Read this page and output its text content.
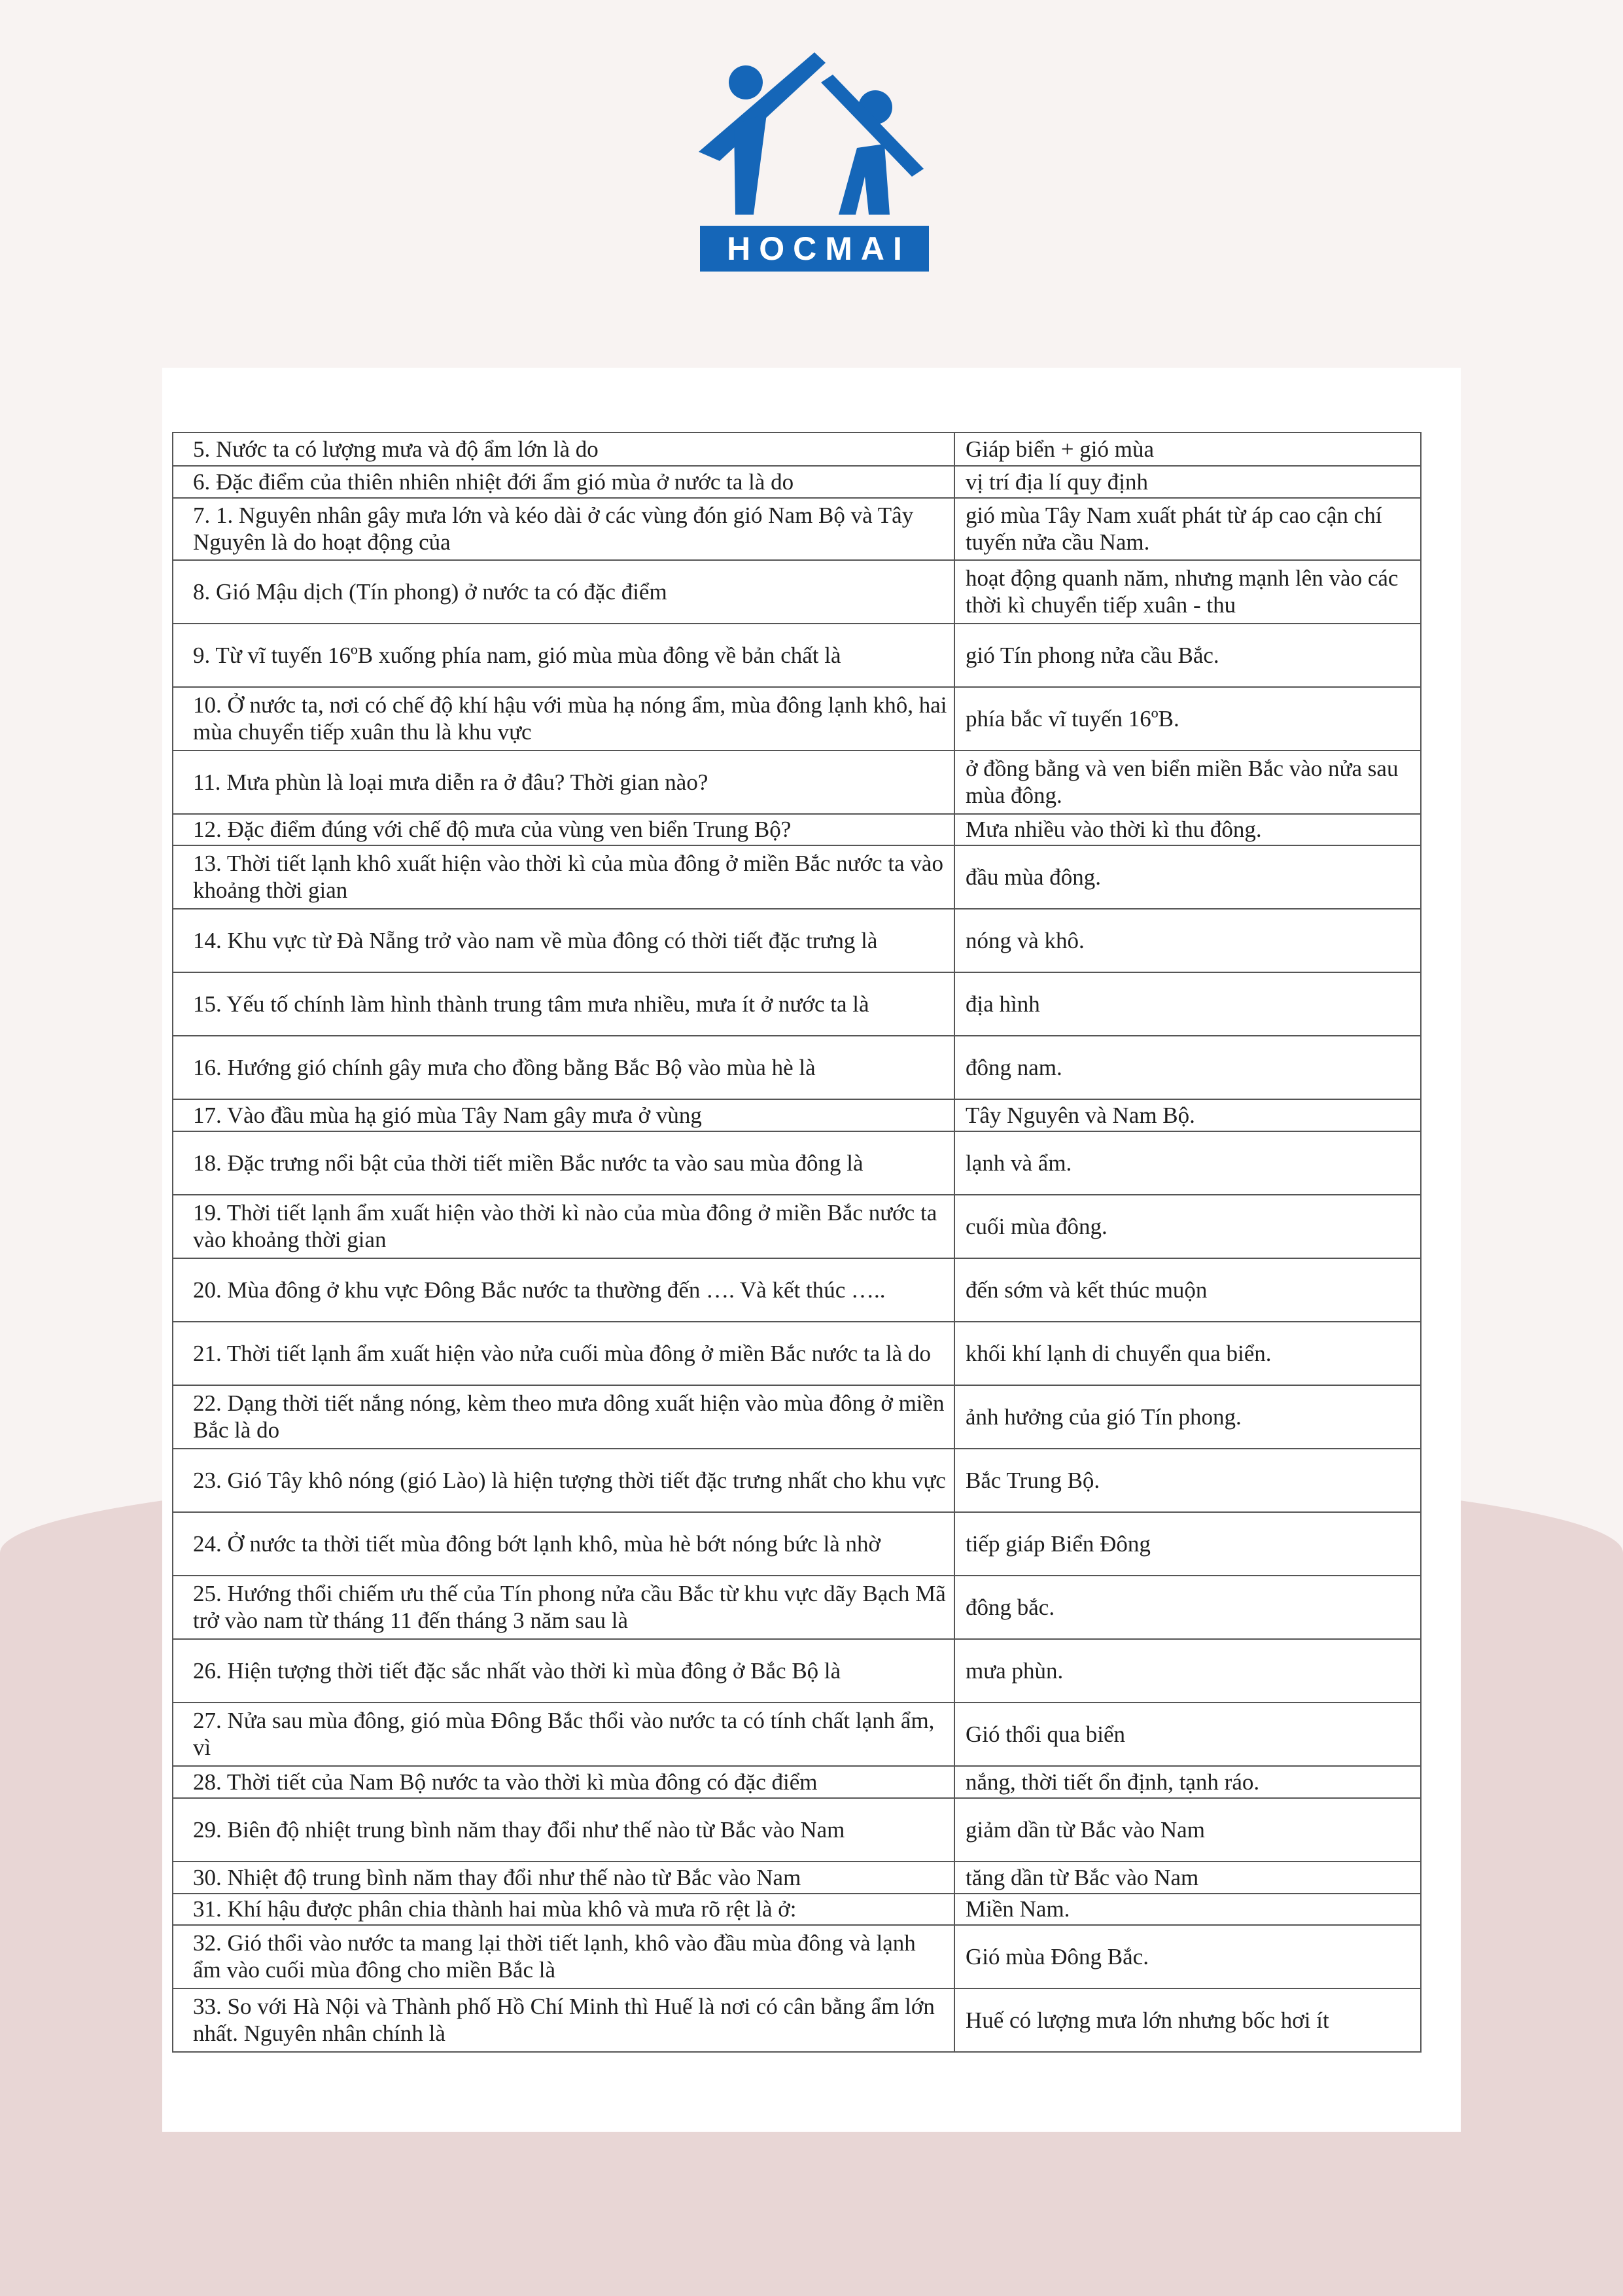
HOCMAI
5. Nước ta có lượng mưa và độ ẩm lớn là do	Giáp biển + gió mùa
6. Đặc điểm của thiên nhiên nhiệt đới ẩm gió mùa ở nước ta là do	vị trí địa lí quy định
7. 1. Nguyên nhân gây mưa lớn và kéo dài ở các vùng đón gió Nam Bộ và Tây Nguyên là do hoạt động của	gió mùa Tây Nam xuất phát từ áp cao cận chí tuyến nửa cầu Nam.
8. Gió Mậu dịch (Tín phong) ở nước ta có đặc điểm	hoạt động quanh năm, nhưng mạnh lên vào các thời kì chuyển tiếp xuân - thu
9. Từ vĩ tuyến 16ºB xuống phía nam, gió mùa mùa đông về bản chất là	gió Tín phong nửa cầu Bắc.
10. Ở nước ta, nơi có chế độ khí hậu với mùa hạ nóng ẩm, mùa đông lạnh khô, hai mùa chuyển tiếp xuân thu là khu vực	phía bắc vĩ tuyến 16ºB.
11. Mưa phùn là loại mưa diễn ra ở đâu? Thời gian nào?	ở đồng bằng và ven biển miền Bắc vào nửa sau mùa đông.
12. Đặc điểm đúng với chế độ mưa của vùng ven biển Trung Bộ?	Mưa nhiều vào thời kì thu đông.
13. Thời tiết lạnh khô xuất hiện vào thời kì của mùa đông ở miền Bắc nước ta vào khoảng thời gian	đầu mùa đông.
14. Khu vực từ Đà Nẵng trở vào nam về mùa đông có thời tiết đặc trưng là	nóng và khô.
15. Yếu tố chính làm hình thành trung tâm mưa nhiều, mưa ít ở nước ta là	địa hình
16. Hướng gió chính gây mưa cho đồng bằng Bắc Bộ vào mùa hè là	đông nam.
17. Vào đầu mùa hạ gió mùa Tây Nam gây mưa ở vùng	Tây Nguyên và Nam Bộ.
18. Đặc trưng nổi bật của thời tiết miền Bắc nước ta vào sau mùa đông là	lạnh và ẩm.
19. Thời tiết lạnh ẩm xuất hiện vào thời kì nào của mùa đông ở miền Bắc nước ta vào khoảng thời gian	cuối mùa đông.
20. Mùa đông ở khu vực Đông Bắc nước ta thường đến …. Và kết thúc …..	đến sớm và kết thúc muộn
21. Thời tiết lạnh ẩm xuất hiện vào nửa cuối mùa đông ở miền Bắc nước ta là do	khối khí lạnh di chuyển qua biển.
22. Dạng thời tiết nắng nóng, kèm theo mưa dông xuất hiện vào mùa đông ở miền Bắc là do	ảnh hưởng của gió Tín phong.
23. Gió Tây khô nóng (gió Lào) là hiện tượng thời tiết đặc trưng nhất cho khu vực	Bắc Trung Bộ.
24. Ở nước ta thời tiết mùa đông bớt lạnh khô, mùa hè bớt nóng bức là nhờ	tiếp giáp Biển Đông
25. Hướng thổi chiếm ưu thế của Tín phong nửa cầu Bắc từ khu vực dãy Bạch Mã trở vào nam từ tháng 11 đến tháng 3 năm sau là	đông bắc.
26. Hiện tượng thời tiết đặc sắc nhất vào thời kì mùa đông ở Bắc Bộ là	mưa phùn.
27. Nửa sau mùa đông, gió mùa Đông Bắc thổi vào nước ta có tính chất lạnh ẩm, vì	Gió thổi qua biển
28. Thời tiết của Nam Bộ nước ta vào thời kì mùa đông có đặc điểm	nắng, thời tiết ổn định, tạnh ráo.
29. Biên độ nhiệt trung bình năm thay đổi như thế nào từ Bắc vào Nam	giảm dần từ Bắc vào Nam
30. Nhiệt độ trung bình năm thay đổi như thế nào từ Bắc vào Nam	tăng dần từ Bắc vào Nam
31. Khí hậu được phân chia thành hai mùa khô và mưa rõ rệt là ở:	Miền Nam.
32. Gió thổi vào nước ta mang lại thời tiết lạnh, khô vào đầu mùa đông và lạnh ẩm vào cuối mùa đông cho miền Bắc là	Gió mùa Đông Bắc.
33. So với Hà Nội và Thành phố Hồ Chí Minh thì Huế là nơi có cân bằng ẩm lớn nhất. Nguyên nhân chính là	Huế có lượng mưa lớn nhưng bốc hơi ít
